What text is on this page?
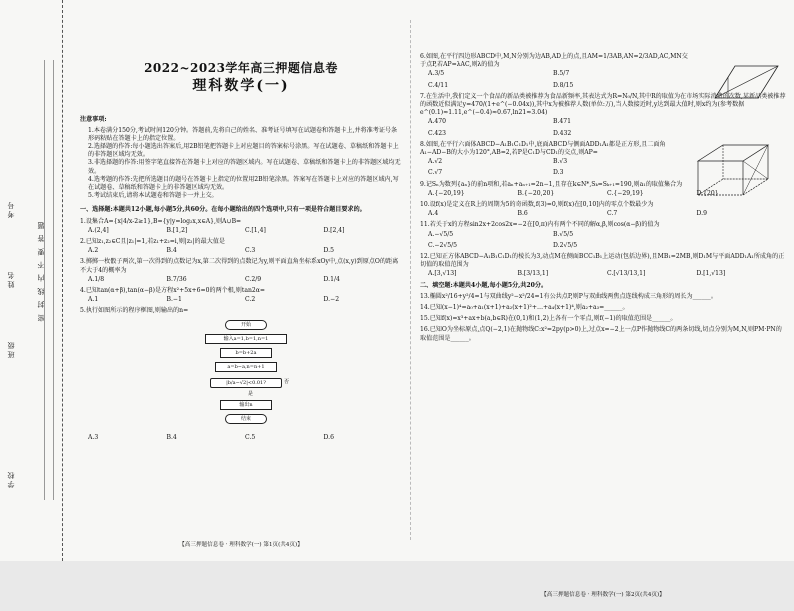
学校
班级
姓名
考号
密 封 线 内 不 要 答 题
2022~2023学年高三押题信息卷
理科数学(一)
注意事项:
1.本卷满分150分,考试时间120分钟。答题前,先将自己的姓名、准考证号填写在试题卷和答题卡上,并将准考证号条形码粘贴在答题卡上的指定位置。
2.选择题的作答:每小题选出答案后,用2B铅笔把答题卡上对应题目的答案标号涂黑。写在试题卷、草稿纸和答题卡上的非答题区域均无效。
3.非选择题的作答:用签字笔直接答在答题卡上对应的答题区域内。写在试题卷、草稿纸和答题卡上的非答题区域均无效。
4.选考题的作答:先把所选题目的题号在答题卡上指定的位置用2B铅笔涂黑。答案写在答题卡上对应的答题区域内,写在试题卷、草稿纸和答题卡上的非答题区域均无效。
5.考试结束后,请将本试题卷和答题卡一并上交。
一、选择题:本题共12小题,每小题5分,共60分。在每小题给出的四个选项中,只有一项是符合题目要求的。
1.设集合A={x|4/x-2≥1},B={y|y=log₂x,x∈A},则A∪B=
A.(2,4]	B.[1,2]	C.[1,4]	D.[2,4]
2.已知z₁,z₂∈C且|z₁|=1,若z₁+z₂=i,则|z₂|的最大值是
A.2	B.4	C.3	D.5
3.掷掷一枚骰子两次,第一次得到的点数记为x,第二次得到的点数记为y,则平面直角坐标系xOy中,点(x,y)到原点O的距离不大于4的概率为
A.1/8	B.7/36	C.2/9	D.1/4
4.已知tan(α+β),tan(α−β)是方程x²+5x+6=0的两个根,则tan2α=
A.1	B.−1	C.2	D.−2
5.执行如图所示的程序框图,则输出的n=
开始
输入a=1,b=1,n=1
b=b+2a
a=b−a,n=n+1
|b/a−√2|<0.01?	否
是
输出n
结束
A.3	B.4	C.5	D.6
【高三押题信息卷 · 理科数学(一) 第1页(共4页)】
6.如图,在平行四边形ABCD中,M,N分别为边AB,AD上的点,且AM=1/3AB,AN=2/3AD,AC,MN交于点P,若AP=λAC,则λ的值为
A.3/5	B.5/7
C.4/11	D.8/15
7.在生活中,我们定义一个食品的新品类被推荐为食品新频率,其表达式为R=N₀/N,其中R的取值为在市场实际消费的次数,某新品类被推荐的函数近似满足y=470/(1+e^(−0.04x)),其中x为被推荐人数(单位:万),当人数接近时,y达到最大值时,则x约为(参考数据e^(0.1)≈1.11,e^(−0.4)≈0.67,ln21≈3.04)
A.470	B.471
C.423	D.432
8.如图,在平行六面体ABCD−A₁B₁C₁D₁中,底面ABCD与侧面ADD₁A₁都是正方形,且二面角A₁−AD−B的大小为120°,AB=2,若P是C₁D与CD₁的交点,则AP=
A.√2	B.√3
C.√7	D.3
9.记Sₙ为数列{aₙ}的前n项和,若aₙ+aₙ₊₁=2n−1,且存在k∈N*,Sₖ=Sₖ₊₁=190,则a₁的取值集合为
A.{−20,19}	B.{−20,20}	C.{−29,19}	D.{20}
10.设f(x)是定义在R上的周期为5的奇函数,f(3)=0,则f(x)在[0,10]内的零点个数最少为
A.4	B.6	C.7	D.9
11.若关于x的方程sin2x+2cos2x=−2在[0,π)内有两个不同的解α,β,则cos(α−β)的值为
A.−√5/5	B.√5/5
C.−2√5/5	D.2√5/5
12.已知正方体ABCD−A₁B₁C₁D₁的棱长为3,动点M在侧面BCC₁B₁上运动(包括边界),且MB₁=2MB,则D₁M与平面ADD₁A₁所成角的正切值的取值范围为
A.[3,√13]	B.[3/13,1]	C.[√13/13,1]	D.[1,√13]
二、填空题:本题共4小题,每小题5分,共20分。
13.椭圆x²/16+y²/4=1与双曲线y²−x²/24=1有公共点P,则P与双曲线两焦点连线构成三角形的周长为______。
14.已知(x−1)⁴=a₀+a₁(x+1)+a₂(x+1)²+…+a₄(x+1)⁴,则a₂+a₃=______。
15.已知f(x)=x³+ax+b(a,b∈R)在(0,1)和(1,2)上各有一个零点,则f(−1)的取值范围是______。
16.已知O为坐标原点,点Q(−2,1)在抛物线C:x²=2py(p>0)上,过点x=−2上一点P作抛物线C的两条切线,切点分别为M,N,则PM·PN的取值范围是______。
【高三押题信息卷 · 理科数学(一) 第2页(共4页)】
